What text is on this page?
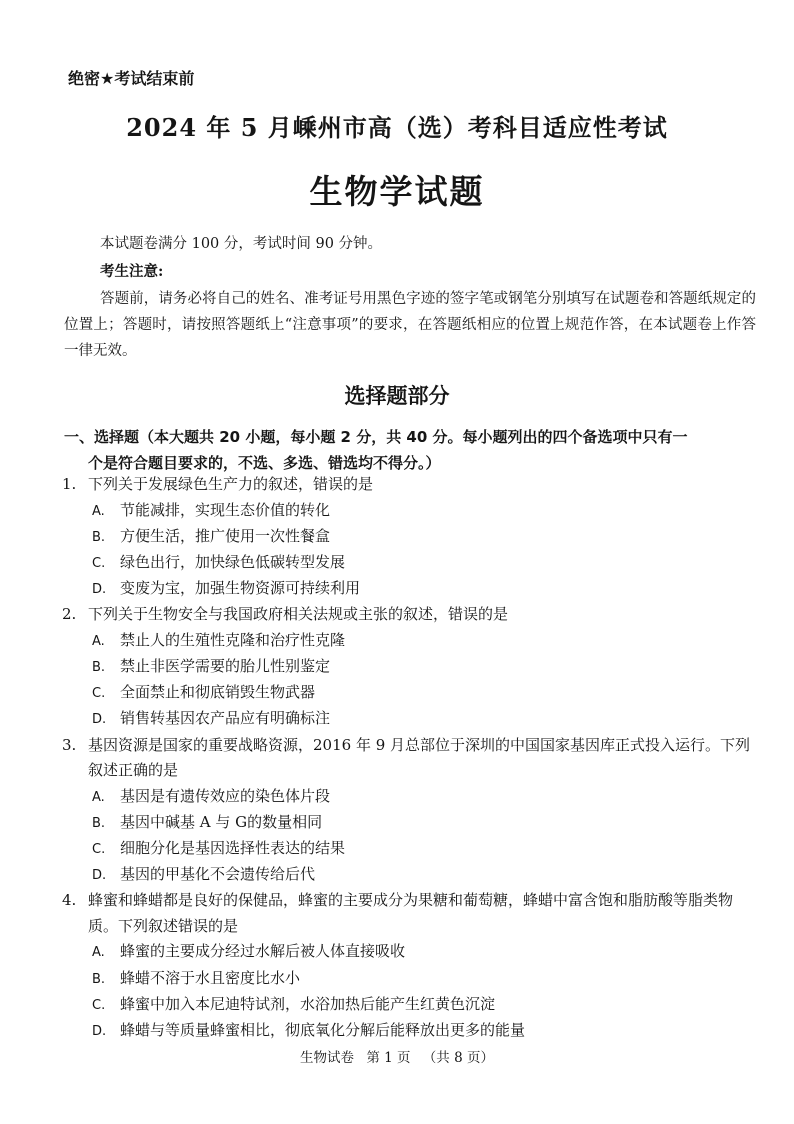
绝密★考试结束前
2024 年 5 月嵊州市高（选）考科目适应性考试
生物学试题
本试题卷满分 100 分，考试时间 90 分钟。
考生注意:
答题前，请务必将自己的姓名、准考证号用黑色字迹的签字笔或钢笔分别填写在试题卷和答题纸规定的位置上；答题时，请按照答题纸上“注意事项”的要求，在答题纸相应的位置上规范作答，在本试题卷上作答一律无效。
选择题部分
一、选择题（本大题共 20 小题，每小题 2 分，共 40 分。每小题列出的四个备选项中只有一
个是符合题目要求的，不选、多选、错选均不得分。）
1. 下列关于发展绿色生产力的叙述，错误的是
A.	节能减排，实现生态价值的转化
B. 方便生活，推广使用一次性餐盒
C. 绿色出行，加快绿色低碳转型发展
D. 变废为宝，加强生物资源可持续利用
2. 下列关于生物安全与我国政府相关法规或主张的叙述，错误的是
A.	禁止人的生殖性克隆和治疗性克隆
B. 禁止非医学需要的胎儿性别鉴定
C. 全面禁止和彻底销毁生物武器
D. 销售转基因农产品应有明确标注
3. 基因资源是国家的重要战略资源，2016 年 9 月总部位于深圳的中国国家基因库正式投入运行。下列叙述正确的是
A.	基因是有遗传效应的染色体片段
B. 基因中碱基 A 与 G的数量相同
C. 细胞分化是基因选择性表达的结果
D. 基因的甲基化不会遗传给后代
4. 蜂蜜和蜂蜡都是良好的保健品，蜂蜜的主要成分为果糖和葡萄糖，蜂蜡中富含饱和脂肪酸等脂类物质。下列叙述错误的是
A.	蜂蜜的主要成分经过水解后被人体直接吸收
B. 蜂蜡不溶于水且密度比水小
C. 蜂蜜中加入本尼迪特试剂，水浴加热后能产生红黄色沉淀
D. 蜂蜡与等质量蜂蜜相比，彻底氧化分解后能释放出更多的能量
生物试卷 第 1 页 （共 8 页）
